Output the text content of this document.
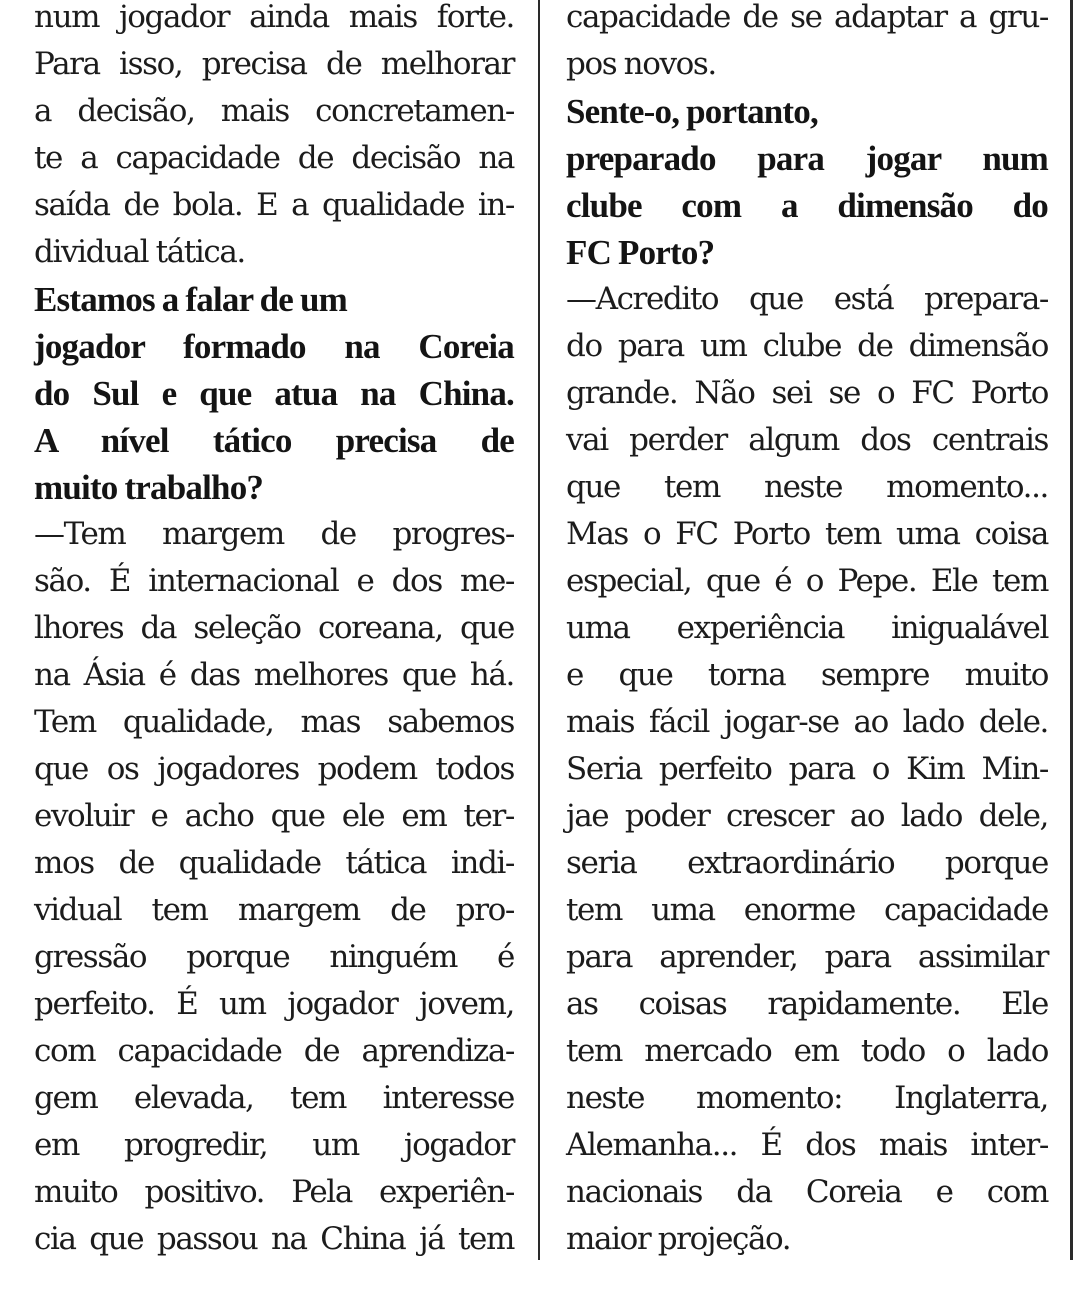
num jogador ainda mais forte.
Para isso, precisa de melhorar
a decisão, mais concretamen-
te a capacidade de decisão na
saída de bola. E a qualidade in-
dividual tática.
Estamos a falar de um
jogador formado na Coreia
do Sul e que atua na China.
A nível tático precisa de
muito trabalho?
—Tem margem de progres-
são. É internacional e dos me-
lhores da seleção coreana, que
na Ásia é das melhores que há.
Tem qualidade, mas sabemos
que os jogadores podem todos
evoluir e acho que ele em ter-
mos de qualidade tática indi-
vidual tem margem de pro-
gressão porque ninguém é
perfeito. É um jogador jovem,
com capacidade de aprendiza-
gem elevada, tem interesse
em progredir, um jogador
muito positivo. Pela experiên-
cia que passou na China já tem
capacidade de se adaptar a gru-
pos novos.
Sente-o, portanto,
preparado para jogar num
clube com a dimensão do
FC Porto?
—Acredito que está prepara-
do para um clube de dimensão
grande. Não sei se o FC Porto
vai perder algum dos centrais
que tem neste momento...
Mas o FC Porto tem uma coisa
especial, que é o Pepe. Ele tem
uma experiência inigualável
e que torna sempre muito
mais fácil jogar-se ao lado dele.
Seria perfeito para o Kim Min-
jae poder crescer ao lado dele,
seria extraordinário porque
tem uma enorme capacidade
para aprender, para assimilar
as coisas rapidamente. Ele
tem mercado em todo o lado
neste momento: Inglaterra,
Alemanha... É dos mais inter-
nacionais da Coreia e com
maior projeção.
